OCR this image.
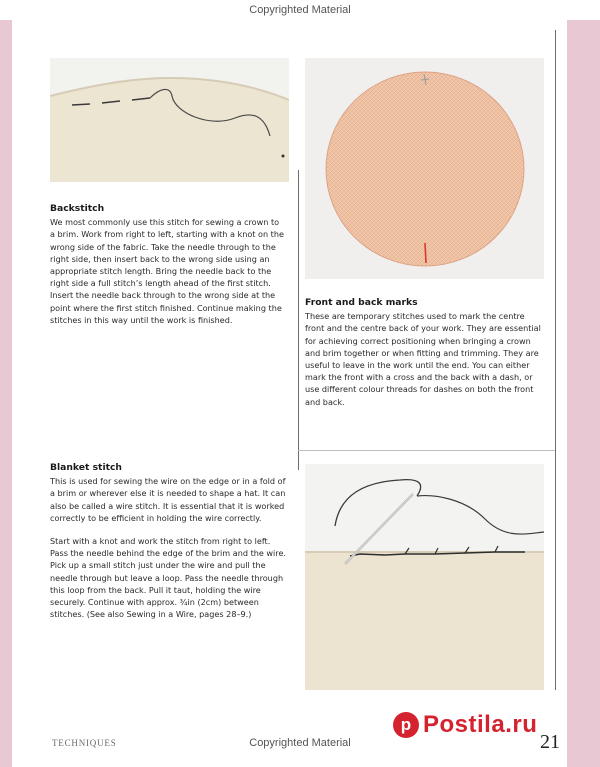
Copyrighted Material
Backstitch

We most commonly use this stitch for sewing a crown to a brim. Work from right to left, starting with a knot on the wrong side of the fabric. Take the needle through to the right side, then insert back to the wrong side using an appropriate stitch length. Bring the needle back to the right side a full stitch’s length ahead of the first stitch. Insert the needle back through to the wrong side at the point where the first stitch finished. Continue making the stitches in this way until the work is finished.

Front and back marks

These are temporary stitches used to mark the centre front and the centre back of your work. They are essential for achieving correct positioning when bringing a crown and brim together or when fitting and trimming. They are useful to leave in the work until the end. You can either mark the front with a cross and the back with a dash, or use different colour threads for dashes on both the front and back.

Blanket stitch

This is used for sewing the wire on the edge or in a fold of a brim or wherever else it is needed to shape a hat. It can also be called a wire stitch. It is essential that it is worked correctly to be efficient in holding the wire correctly.

Start with a knot and work the stitch from right to left. Pass the needle behind the edge of the brim and the wire. Pick up a small stitch just under the wire and pull the needle through but leave a loop. Pass the needle through this loop from the back. Pull it taut, holding the wire securely. Continue with approx. ¾in (2cm) between stitches. (See also Sewing in a Wire, pages 28–9.)

TECHNIQUES	21
p Postila.ru
Copyrighted Material
